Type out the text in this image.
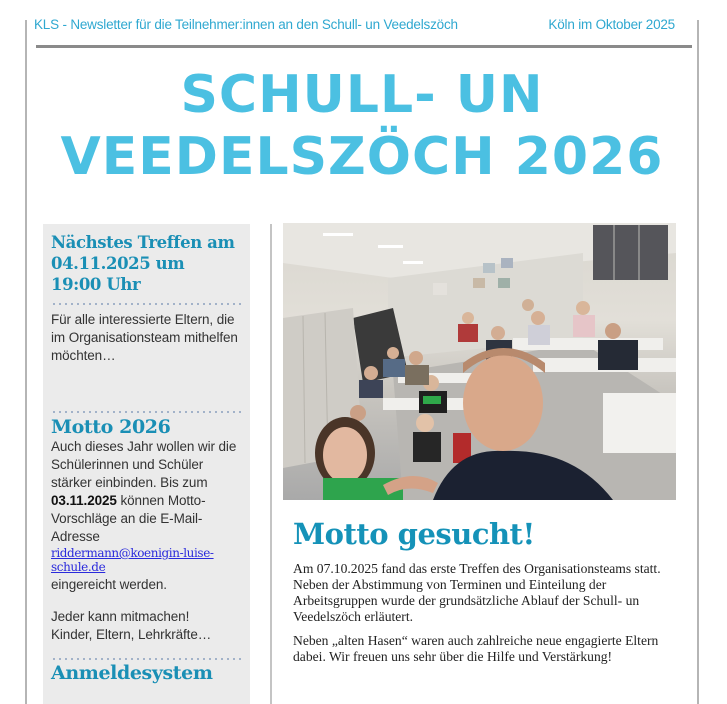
KLS - Newsletter für die Teilnehmer:innen an den Schull- un Veedelszöch	Köln im Oktober 2025
SCHULL- UN
VEEDELSZÖCH 2026
Nächstes Treffen am 04.11.2025 um 19:00 Uhr

Für alle interessierte Eltern, die im Organisationsteam mithelfen möchten…

Motto 2026

Auch dieses Jahr wollen wir die Schülerinnen und Schüler stärker einbinden. Bis zum 03.11.2025 können Motto-Vorschläge an die E-Mail-Adresse

riddermann@koenigin-luise-schule.de

eingereicht werden.

Jeder kann mitmachen!

Kinder, Eltern, Lehrkräfte…

Anmeldesystem
Motto gesucht!

Am 07.10.2025 fand das erste Treffen des Organisationsteams statt. Neben der Abstimmung von Terminen und Einteilung der Arbeitsgruppen wurde der grundsätzliche Ablauf der Schull- un Veedelszöch erläutert.

Neben „alten Hasen“ waren auch zahlreiche neue engagierte Eltern dabei. Wir freuen uns sehr über die Hilfe und Verstärkung!
